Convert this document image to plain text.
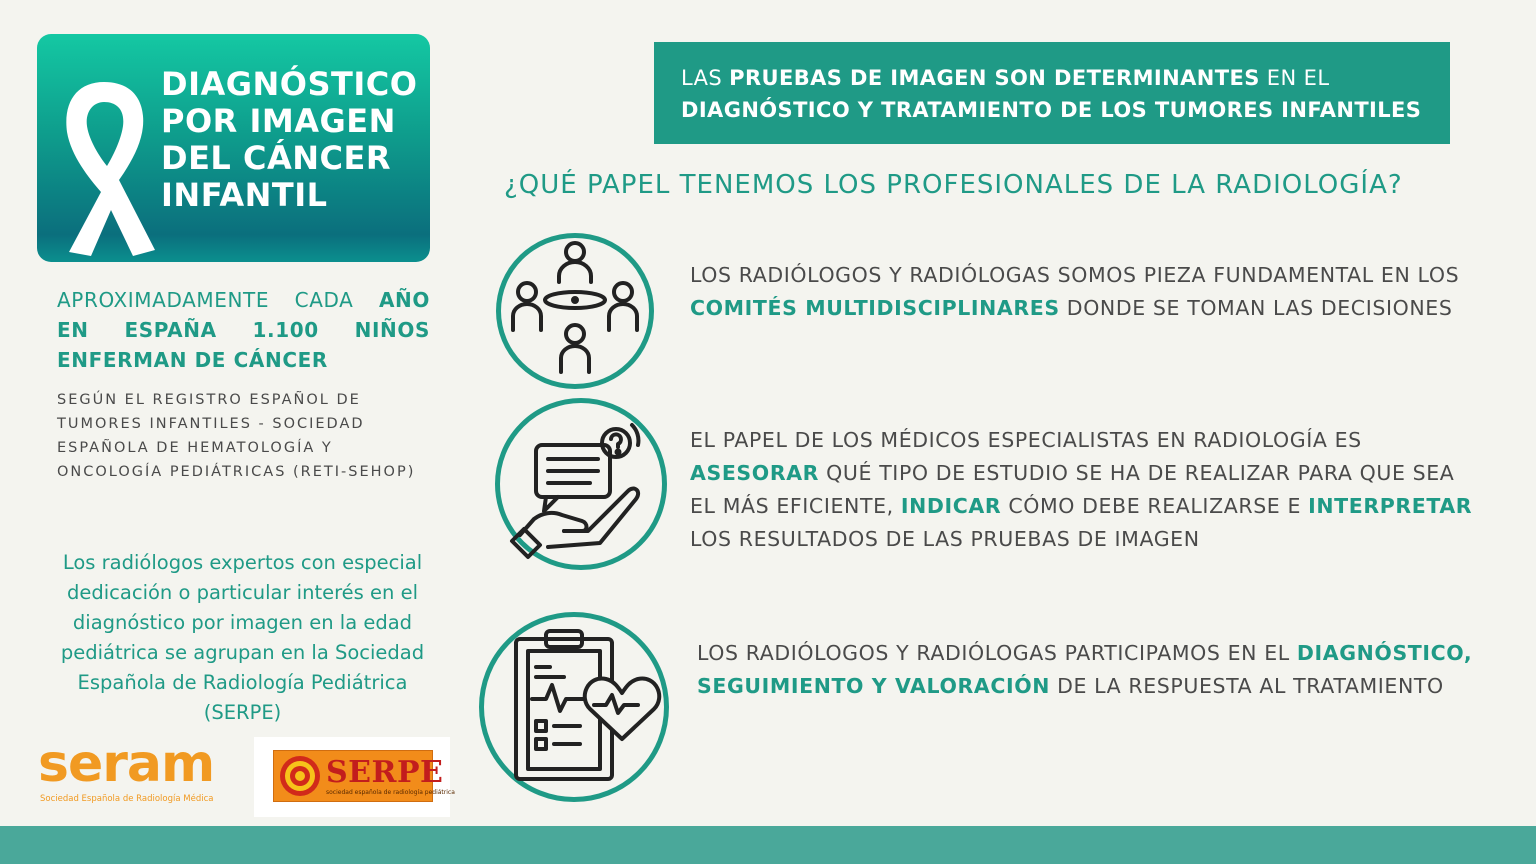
DIAGNÓSTICO
POR IMAGEN
DEL CÁNCER
INFANTIL
APROXIMADAMENTE CADA AÑO EN ESPAÑA 1.100 NIÑOS ENFERMAN DE CÁNCER
SEGÚN EL REGISTRO ESPAÑOL DE TUMORES INFANTILES - SOCIEDAD ESPAÑOLA DE HEMATOLOGÍA Y ONCOLOGÍA PEDIÁTRICAS (RETI-SEHOP)
Los radiólogos expertos con especial dedicación o particular interés en el diagnóstico por imagen en la edad pediátrica se agrupan en la Sociedad Española de Radiología Pediátrica (SERPE)
seram
Sociedad Española de Radiología Médica
SERPE
sociedad española de radiología pediátrica
LAS PRUEBAS DE IMAGEN SON DETERMINANTES EN EL
DIAGNÓSTICO Y TRATAMIENTO DE LOS TUMORES INFANTILES
¿QUÉ PAPEL TENEMOS LOS PROFESIONALES DE LA RADIOLOGÍA?
LOS RADIÓLOGOS Y RADIÓLOGAS SOMOS PIEZA FUNDAMENTAL EN LOS COMITÉS MULTIDISCIPLINARES DONDE SE TOMAN LAS DECISIONES
EL PAPEL DE LOS MÉDICOS ESPECIALISTAS EN RADIOLOGÍA ES ASESORAR QUÉ TIPO DE ESTUDIO SE HA DE REALIZAR PARA QUE SEA EL MÁS EFICIENTE, INDICAR CÓMO DEBE REALIZARSE E INTERPRETAR LOS RESULTADOS DE LAS PRUEBAS DE IMAGEN
LOS RADIÓLOGOS Y RADIÓLOGAS PARTICIPAMOS EN EL DIAGNÓSTICO, SEGUIMIENTO Y VALORACIÓN DE LA RESPUESTA AL TRATAMIENTO
